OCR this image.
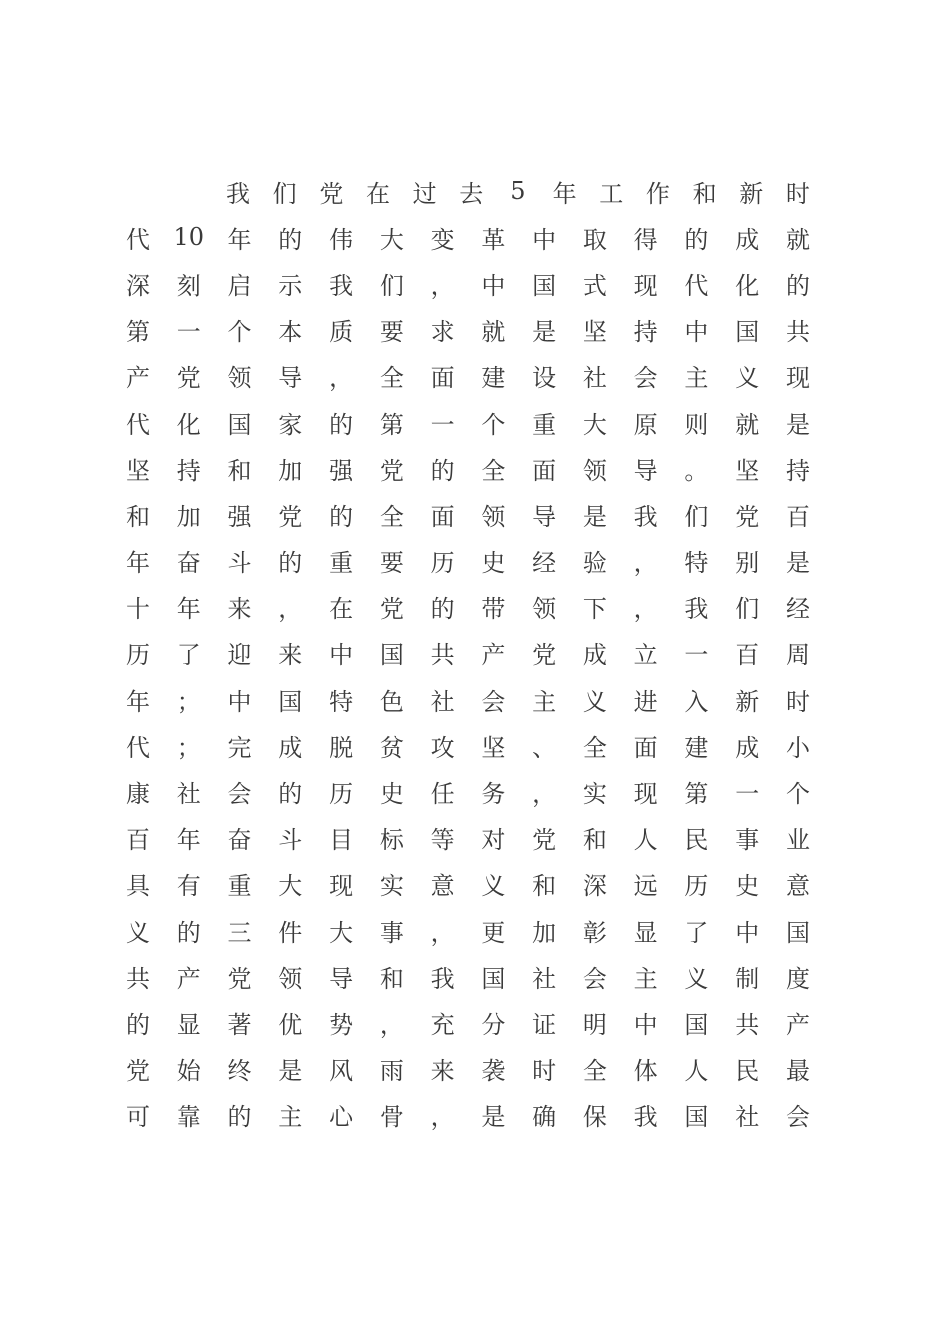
我 们 党 在 过 去	5	年 工 作 和 新 时
代 10 年	的	伟	大	变	革	中	取	得	的	成	就
深	刻	启	示	我	们	，	中	国	式	现	代	化	的
第	一	个	本	质	要	求	就	是	坚	持	中	国	共
产	党	领	导	，	全	面	建	设	社	会	主	义	现
代	化	国	家	的	第	一	个	重	大	原	则	就	是
坚	持	和	加	强	党	的	全	面	领	导	。	坚	持
和	加	强	党	的	全	面	领	导	是	我	们	党	百
年	奋	斗	的	重	要	历	史	经	验	，	特	别	是
十	年	来	，	在	党	的	带	领	下	，	我	们	经
历	了	迎	来	中	国	共	产	党	成	立	一	百	周
年	；	中	国	特	色	社	会	主	义	进	入	新	时
代	；	完	成	脱	贫	攻	坚	、	全	面	建	成	小
康	社	会	的	历	史	任	务	，	实	现	第	一	个
百	年	奋	斗	目	标	等	对	党	和	人	民	事	业
具	有	重	大	现	实	意	义	和	深	远	历	史	意
义	的	三	件	大	事	，	更	加	彰	显	了	中	国
共	产	党	领	导	和	我	国	社	会	主	义	制	度
的	显	著	优	势	，	充	分	证	明	中	国	共	产
党	始	终	是	风	雨	来	袭	时	全	体	人	民	最
可	靠	的	主	心	骨	，	是	确	保	我	国	社	会
